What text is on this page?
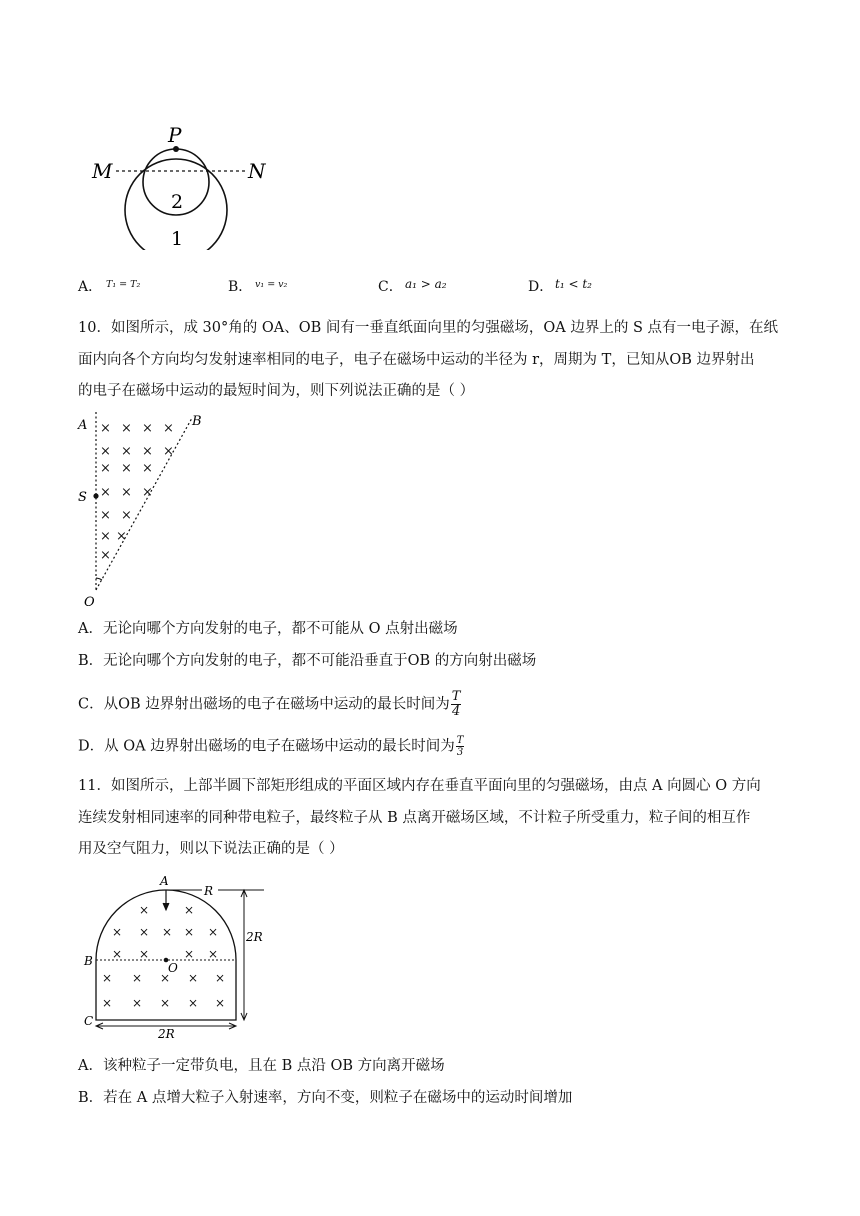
P
M	N
2
1
A． T₁ = T₂	B． v₁ = v₂	C． a₁ > a₂	D． t₁ < t₂
10．如图所示，成 30°角的 OA、OB 间有一垂直纸面向里的匀强磁场，OA 边界上的 S 点有一电子源，在纸
面内向各个方向均匀发射速率相同的电子，电子在磁场中运动的半径为 r，周期为 T，已知从OB 边界射出
的电子在磁场中运动的最短时间为，则下列说法正确的是（ ）
A	B
S
O
× × × ×
× × × ×
× × ×
× × ×
× ×
× ×
×
A．无论向哪个方向发射的电子，都不可能从 O 点射出磁场
B．无论向哪个方向发射的电子，都不可能沿垂直于OB 的方向射出磁场
C．从OB 边界射出磁场的电子在磁场中运动的最长时间为 $\frac{T}{4}$
D．从 OA 边界射出磁场的电子在磁场中运动的最长时间为 $\frac{T}{3}$
11．如图所示，上部半圆下部矩形组成的平面区域内存在垂直平面向里的匀强磁场，由点 A 向圆心 O 方向
连续发射相同速率的同种带电粒子，最终粒子从 B 点离开磁场区域，不计粒子所受重力，粒子间的相互作
用及空气阻力，则以下说法正确的是（ ）
R
2R
2R
A
O
B
C
×	×
× × × × ×
× ×	× ×
× × × × ×
× × × × ×
A．该种粒子一定带负电，且在 B 点沿 OB 方向离开磁场
B．若在 A 点增大粒子入射速率，方向不变，则粒子在磁场中的运动时间增加
